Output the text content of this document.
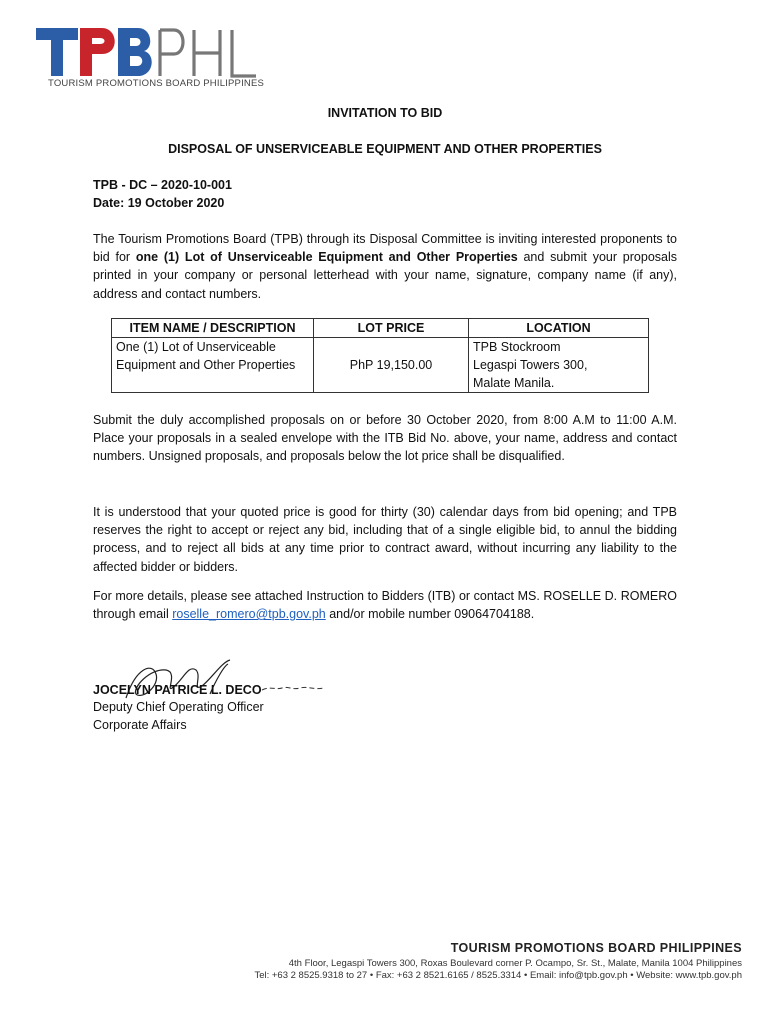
TPBPHL
TOURISM PROMOTIONS BOARD PHILIPPINES
INVITATION TO BID
DISPOSAL OF UNSERVICEABLE EQUIPMENT AND OTHER PROPERTIES
TPB - DC – 2020-10-001
Date: 19 October 2020

The Tourism Promotions Board (TPB) through its Disposal Committee is inviting interested proponents to bid for one (1) Lot of Unserviceable Equipment and Other Properties and submit your proposals printed in your company or personal letterhead with your name, signature, company name (if any), address and contact numbers.

ITEM NAME / DESCRIPTION	LOT PRICE	LOCATION
One (1) Lot of Unserviceable Equipment and Other Properties	PhP 19,150.00	TPB Stockroom
Legaspi Towers 300,
Malate Manila.

Submit the duly accomplished proposals on or before 30 October 2020, from 8:00 A.M to 11:00 A.M. Place your proposals in a sealed envelope with the ITB Bid No. above, your name, address and contact numbers. Unsigned proposals, and proposals below the lot price shall be disqualified.

It is understood that your quoted price is good for thirty (30) calendar days from bid opening; and TPB reserves the right to accept or reject any bid, including that of a single eligible bid, to annul the bidding process, and to reject all bids at any time prior to contract award, without incurring any liability to the affected bidder or bidders.

For more details, please see attached Instruction to Bidders (ITB) or contact MS. ROSELLE D. ROMERO through email roselle_romero@tpb.gov.ph and/or mobile number 09064704188.

JOCELYN PATRICE L. DECO
Deputy Chief Operating Officer
Corporate Affairs
TOURISM PROMOTIONS BOARD PHILIPPINES
4th Floor, Legaspi Towers 300, Roxas Boulevard corner P. Ocampo, Sr. St., Malate, Manila 1004 Philippines
Tel: +63 2 8525.9318 to 27 • Fax: +63 2 8521.6165 / 8525.3314 • Email: info@tpb.gov.ph • Website: www.tpb.gov.ph
